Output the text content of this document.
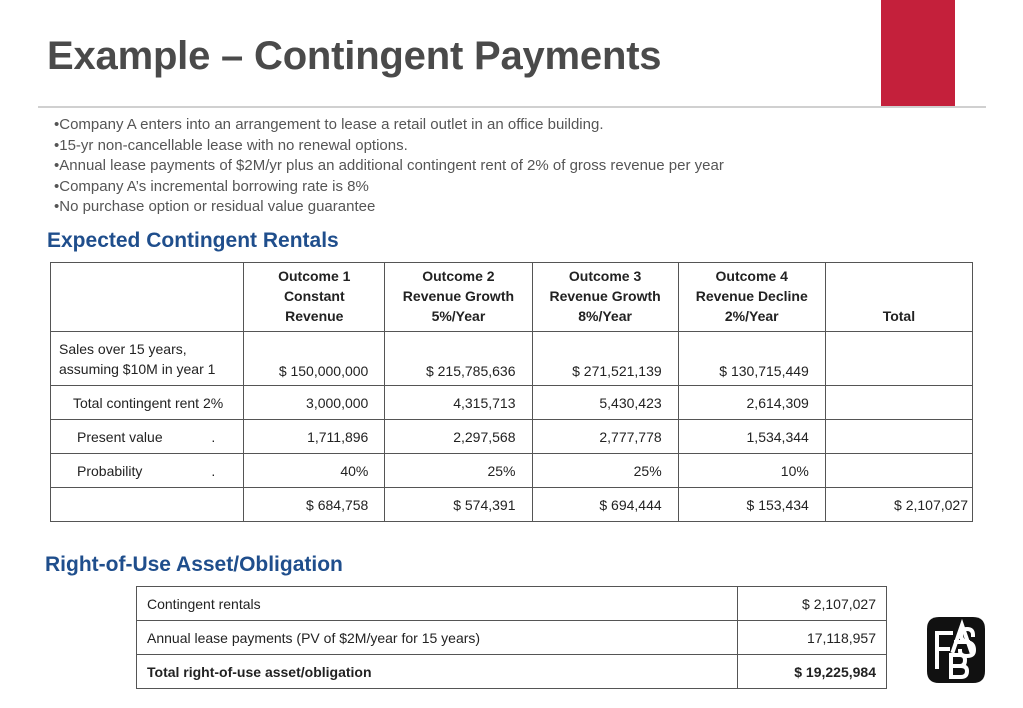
Example – Contingent Payments
•Company A enters into an arrangement to lease a retail outlet in an office building.
•15-yr non-cancellable lease with no renewal options.
•Annual lease payments of $2M/yr plus an additional contingent rent of 2% of gross revenue per year
•Company A’s incremental borrowing rate is 8%
•No purchase option or residual value guarantee
Expected Contingent Rentals

	Outcome 1
Constant
Revenue	Outcome 2
Revenue Growth
5%/Year	Outcome 3
Revenue Growth
8%/Year	Outcome 4
Revenue Decline
2%/Year	Total

Sales over 15 years,
assuming $10M in year 1	$ 150,000,000	$ 215,785,636	$ 271,521,139	$ 130,715,449	
Total contingent rent 2%	3,000,000	4,315,713	5,430,423	2,614,309	
Present value .	1,711,896	2,297,568	2,777,778	1,534,344	
Probability .	40%	25%	25%	10%	
	$ 684,758	$ 574,391	$ 694,444	$ 153,434	$ 2,107,027
Right-of-Use Asset/Obligation
Contingent rentals	$ 2,107,027
Annual lease payments (PV of $2M/year for 15 years)	17,118,957
Total right-of-use asset/obligation	$ 19,225,984
